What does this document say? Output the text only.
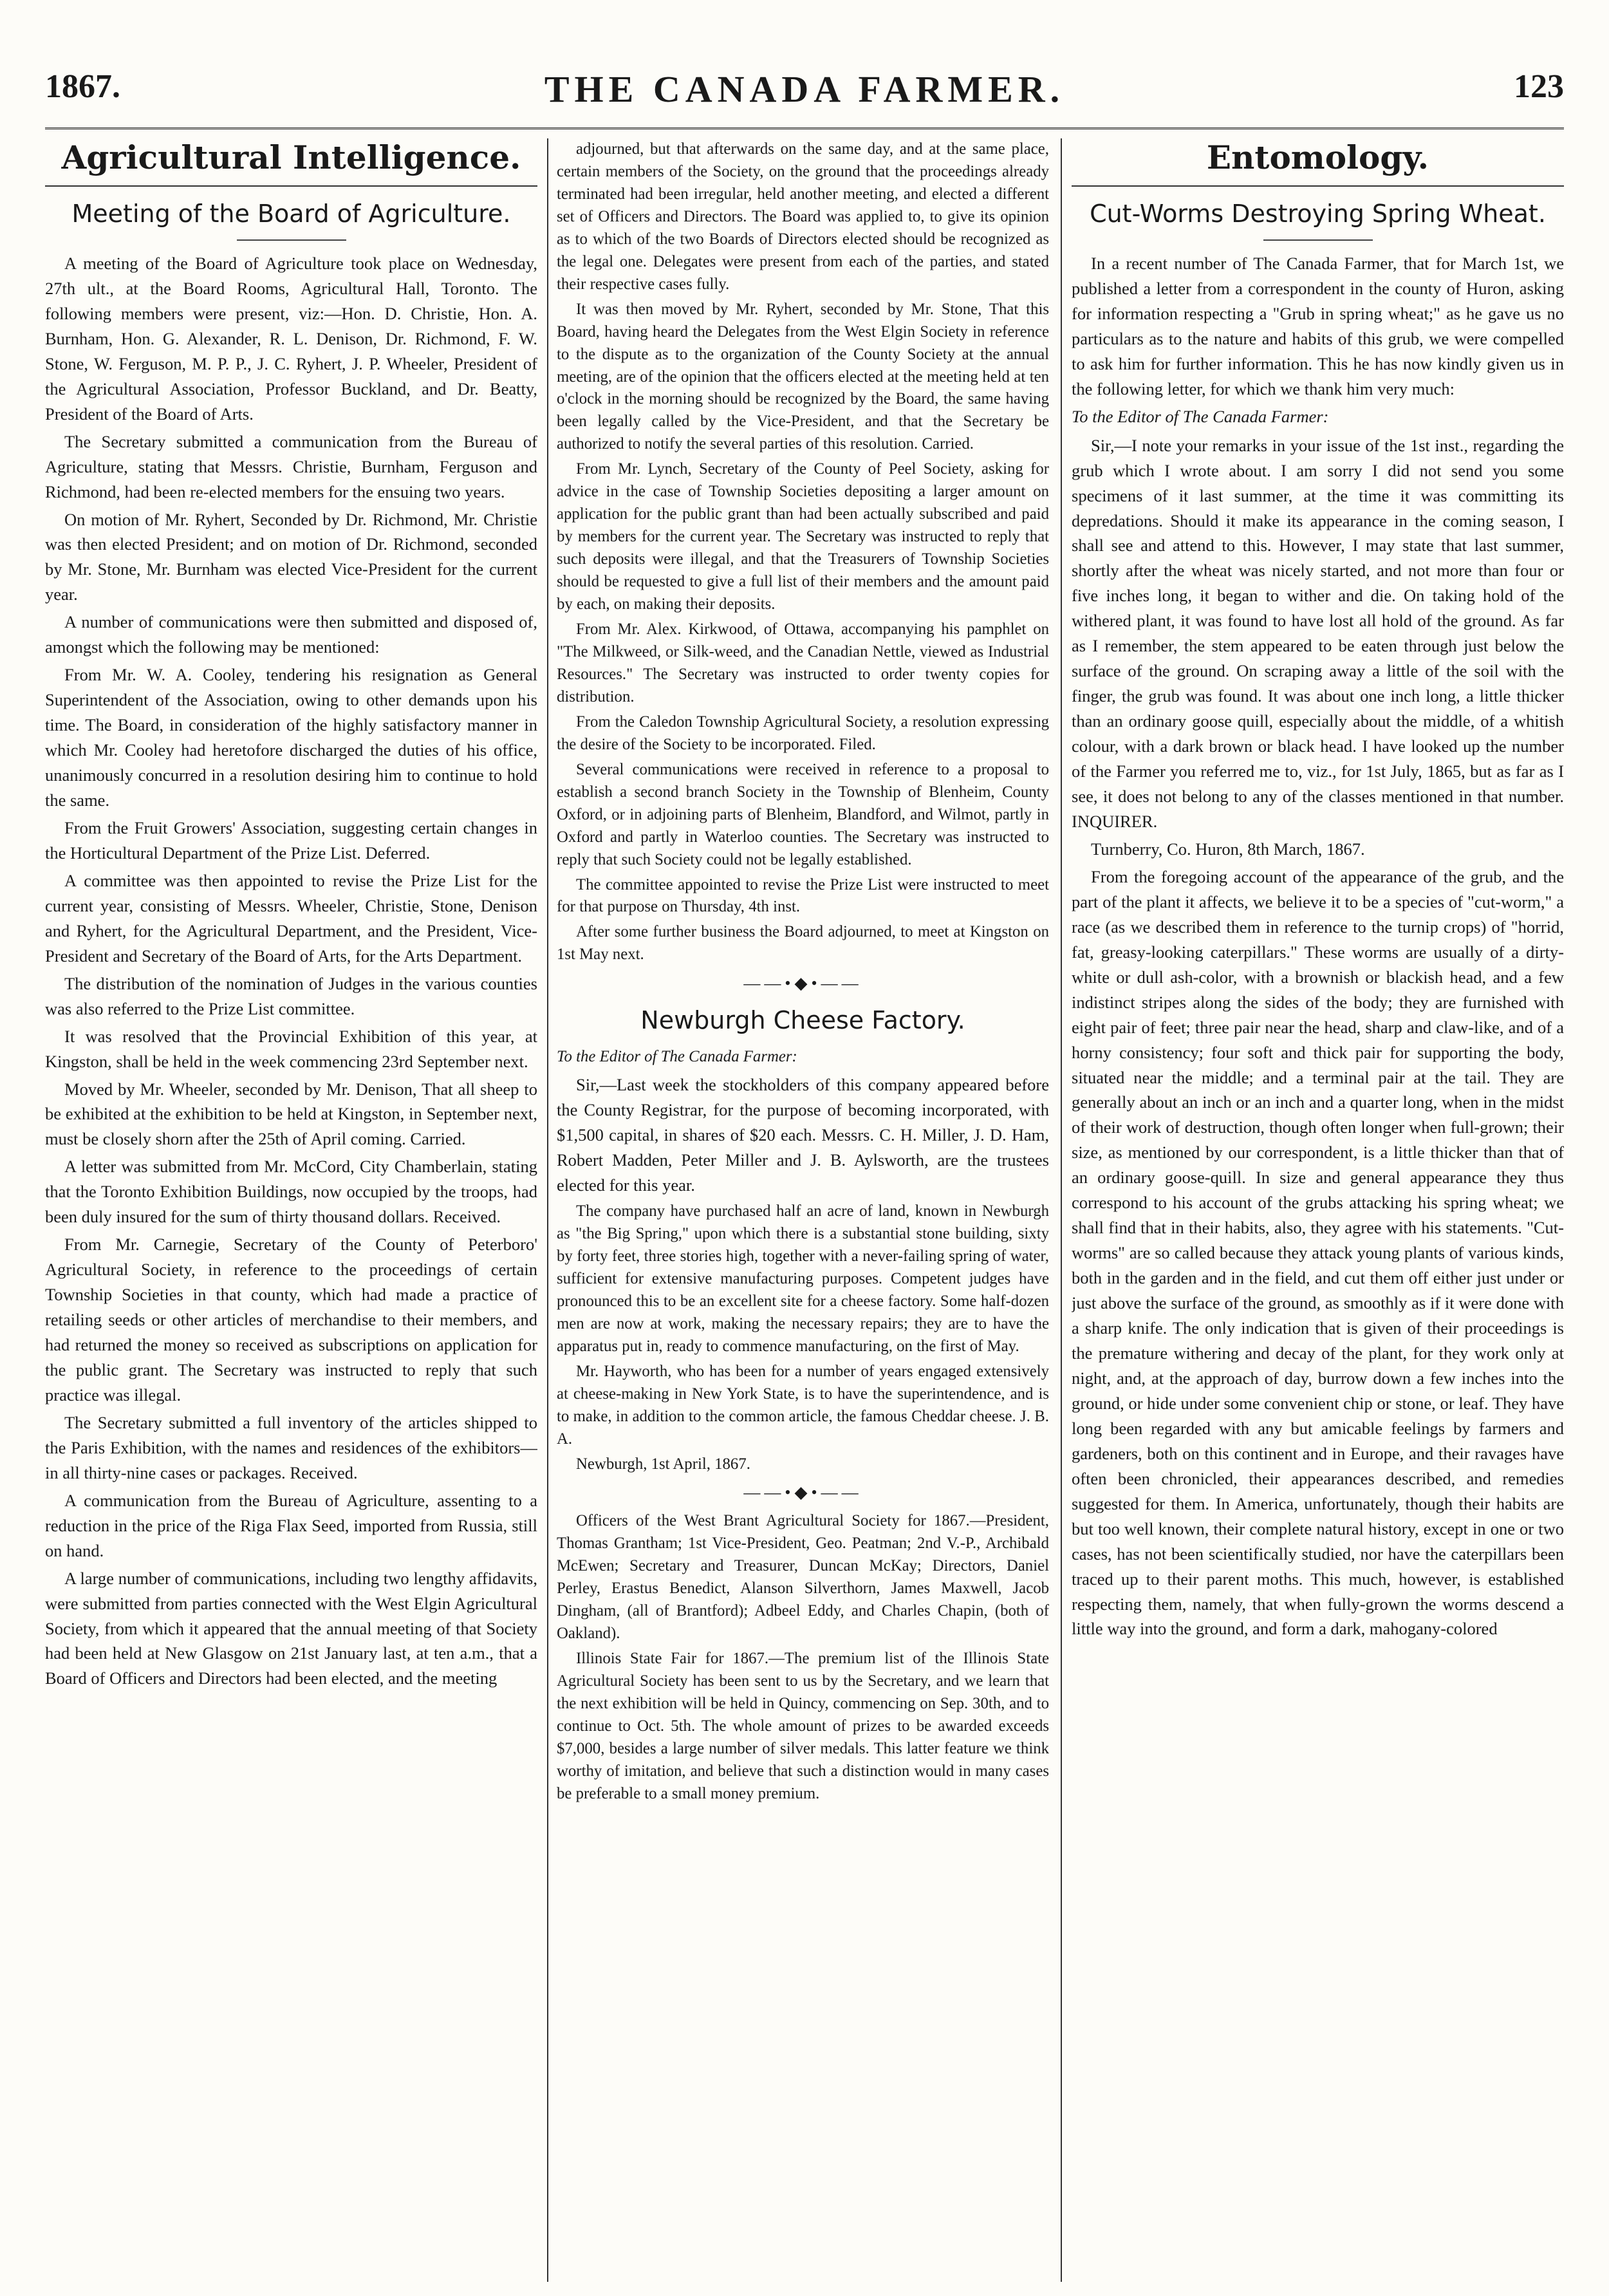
1867.	THE CANADA FARMER.	123
Agricultural Intelligence.
Meeting of the Board of Agriculture.

A meeting of the Board of Agriculture took place on Wednesday, 27th ult., at the Board Rooms, Agricultural Hall, Toronto. The following members were present, viz:—Hon. D. Christie, Hon. A. Burnham, Hon. G. Alexander, R. L. Denison, Dr. Richmond, F. W. Stone, W. Ferguson, M. P. P., J. C. Ryhert, J. P. Wheeler, President of the Agricultural Association, Professor Buckland, and Dr. Beatty, President of the Board of Arts.

The Secretary submitted a communication from the Bureau of Agriculture, stating that Messrs. Christie, Burnham, Ferguson and Richmond, had been re-elected members for the ensuing two years.

On motion of Mr. Ryhert, Seconded by Dr. Richmond, Mr. Christie was then elected President; and on motion of Dr. Richmond, seconded by Mr. Stone, Mr. Burnham was elected Vice-President for the current year.

A number of communications were then submitted and disposed of, amongst which the following may be mentioned:

From Mr. W. A. Cooley, tendering his resignation as General Superintendent of the Association, owing to other demands upon his time. The Board, in consideration of the highly satisfactory manner in which Mr. Cooley had heretofore discharged the duties of his office, unanimously concurred in a resolution desiring him to continue to hold the same.

From the Fruit Growers' Association, suggesting certain changes in the Horticultural Department of the Prize List. Deferred.

A committee was then appointed to revise the Prize List for the current year, consisting of Messrs. Wheeler, Christie, Stone, Denison and Ryhert, for the Agricultural Department, and the President, Vice-President and Secretary of the Board of Arts, for the Arts Department.

The distribution of the nomination of Judges in the various counties was also referred to the Prize List committee.

It was resolved that the Provincial Exhibition of this year, at Kingston, shall be held in the week commencing 23rd September next.

Moved by Mr. Wheeler, seconded by Mr. Denison, That all sheep to be exhibited at the exhibition to be held at Kingston, in September next, must be closely shorn after the 25th of April coming. Carried.

A letter was submitted from Mr. McCord, City Chamberlain, stating that the Toronto Exhibition Buildings, now occupied by the troops, had been duly insured for the sum of thirty thousand dollars. Received.

From Mr. Carnegie, Secretary of the County of Peterboro' Agricultural Society, in reference to the proceedings of certain Township Societies in that county, which had made a practice of retailing seeds or other articles of merchandise to their members, and had returned the money so received as subscriptions on application for the public grant. The Secretary was instructed to reply that such practice was illegal.

The Secretary submitted a full inventory of the articles shipped to the Paris Exhibition, with the names and residences of the exhibitors—in all thirty-nine cases or packages. Received.

A communication from the Bureau of Agriculture, assenting to a reduction in the price of the Riga Flax Seed, imported from Russia, still on hand.

A large number of communications, including two lengthy affidavits, were submitted from parties connected with the West Elgin Agricultural Society, from which it appeared that the annual meeting of that Society had been held at New Glasgow on 21st January last, at ten a.m., that a Board of Officers and Directors had been elected, and the meeting

adjourned, but that afterwards on the same day, and at the same place, certain members of the Society, on the ground that the proceedings already terminated had been irregular, held another meeting, and elected a different set of Officers and Directors. The Board was applied to, to give its opinion as to which of the two Boards of Directors elected should be recognized as the legal one. Delegates were present from each of the parties, and stated their respective cases fully.

It was then moved by Mr. Ryhert, seconded by Mr. Stone, That this Board, having heard the Delegates from the West Elgin Society in reference to the dispute as to the organization of the County Society at the annual meeting, are of the opinion that the officers elected at the meeting held at ten o'clock in the morning should be recognized by the Board, the same having been legally called by the Vice-President, and that the Secretary be authorized to notify the several parties of this resolution. Carried.

From Mr. Lynch, Secretary of the County of Peel Society, asking for advice in the case of Township Societies depositing a larger amount on application for the public grant than had been actually subscribed and paid by members for the current year. The Secretary was instructed to reply that such deposits were illegal, and that the Treasurers of Township Societies should be requested to give a full list of their members and the amount paid by each, on making their deposits.

From Mr. Alex. Kirkwood, of Ottawa, accompanying his pamphlet on "The Milkweed, or Silk-weed, and the Canadian Nettle, viewed as Industrial Resources." The Secretary was instructed to order twenty copies for distribution.

From the Caledon Township Agricultural Society, a resolution expressing the desire of the Society to be incorporated. Filed.

Several communications were received in reference to a proposal to establish a second branch Society in the Township of Blenheim, County Oxford, or in adjoining parts of Blenheim, Blandford, and Wilmot, partly in Oxford and partly in Waterloo counties. The Secretary was instructed to reply that such Society could not be legally established.

The committee appointed to revise the Prize List were instructed to meet for that purpose on Thursday, 4th inst.

After some further business the Board adjourned, to meet at Kingston on 1st May next.

——•◆•——
Newburgh Cheese Factory.

To the Editor of The Canada Farmer:

Sir,—Last week the stockholders of this company appeared before the County Registrar, for the purpose of becoming incorporated, with $1,500 capital, in shares of $20 each. Messrs. C. H. Miller, J. D. Ham, Robert Madden, Peter Miller and J. B. Aylsworth, are the trustees elected for this year.

The company have purchased half an acre of land, known in Newburgh as "the Big Spring," upon which there is a substantial stone building, sixty by forty feet, three stories high, together with a never-failing spring of water, sufficient for extensive manufacturing purposes. Competent judges have pronounced this to be an excellent site for a cheese factory. Some half-dozen men are now at work, making the necessary repairs; they are to have the apparatus put in, ready to commence manufacturing, on the first of May.

Mr. Hayworth, who has been for a number of years engaged extensively at cheese-making in New York State, is to have the superintendence, and is to make, in addition to the common article, the famous Cheddar cheese. J. B. A.

Newburgh, 1st April, 1867.

——•◆•——

Officers of the West Brant Agricultural Society for 1867.—President, Thomas Grantham; 1st Vice-President, Geo. Peatman; 2nd V.-P., Archibald McEwen; Secretary and Treasurer, Duncan McKay; Directors, Daniel Perley, Erastus Benedict, Alanson Silverthorn, James Maxwell, Jacob Dingham, (all of Brantford); Adbeel Eddy, and Charles Chapin, (both of Oakland).

Illinois State Fair for 1867.—The premium list of the Illinois State Agricultural Society has been sent to us by the Secretary, and we learn that the next exhibition will be held in Quincy, commencing on Sep. 30th, and to continue to Oct. 5th. The whole amount of prizes to be awarded exceeds $7,000, besides a large number of silver medals. This latter feature we think worthy of imitation, and believe that such a distinction would in many cases be preferable to a small money premium.

Entomology.
Cut-Worms Destroying Spring Wheat.

In a recent number of The Canada Farmer, that for March 1st, we published a letter from a correspondent in the county of Huron, asking for information respecting a "Grub in spring wheat;" as he gave us no particulars as to the nature and habits of this grub, we were compelled to ask him for further information. This he has now kindly given us in the following letter, for which we thank him very much:

To the Editor of The Canada Farmer:

Sir,—I note your remarks in your issue of the 1st inst., regarding the grub which I wrote about. I am sorry I did not send you some specimens of it last summer, at the time it was committing its depredations. Should it make its appearance in the coming season, I shall see and attend to this. However, I may state that last summer, shortly after the wheat was nicely started, and not more than four or five inches long, it began to wither and die. On taking hold of the withered plant, it was found to have lost all hold of the ground. As far as I remember, the stem appeared to be eaten through just below the surface of the ground. On scraping away a little of the soil with the finger, the grub was found. It was about one inch long, a little thicker than an ordinary goose quill, especially about the middle, of a whitish colour, with a dark brown or black head. I have looked up the number of the Farmer you referred me to, viz., for 1st July, 1865, but as far as I see, it does not belong to any of the classes mentioned in that number. INQUIRER.

Turnberry, Co. Huron, 8th March, 1867.

From the foregoing account of the appearance of the grub, and the part of the plant it affects, we believe it to be a species of "cut-worm," a race (as we described them in reference to the turnip crops) of "horrid, fat, greasy-looking caterpillars." These worms are usually of a dirty-white or dull ash-color, with a brownish or blackish head, and a few indistinct stripes along the sides of the body; they are furnished with eight pair of feet; three pair near the head, sharp and claw-like, and of a horny consistency; four soft and thick pair for supporting the body, situated near the middle; and a terminal pair at the tail. They are generally about an inch or an inch and a quarter long, when in the midst of their work of destruction, though often longer when full-grown; their size, as mentioned by our correspondent, is a little thicker than that of an ordinary goose-quill. In size and general appearance they thus correspond to his account of the grubs attacking his spring wheat; we shall find that in their habits, also, they agree with his statements. "Cut-worms" are so called because they attack young plants of various kinds, both in the garden and in the field, and cut them off either just under or just above the surface of the ground, as smoothly as if it were done with a sharp knife. The only indication that is given of their proceedings is the premature withering and decay of the plant, for they work only at night, and, at the approach of day, burrow down a few inches into the ground, or hide under some convenient chip or stone, or leaf. They have long been regarded with any but amicable feelings by farmers and gardeners, both on this continent and in Europe, and their ravages have often been chronicled, their appearances described, and remedies suggested for them. In America, unfortunately, though their habits are but too well known, their complete natural history, except in one or two cases, has not been scientifically studied, nor have the caterpillars been traced up to their parent moths. This much, however, is established respecting them, namely, that when fully-grown the worms descend a little way into the ground, and form a dark, mahogany-colored
